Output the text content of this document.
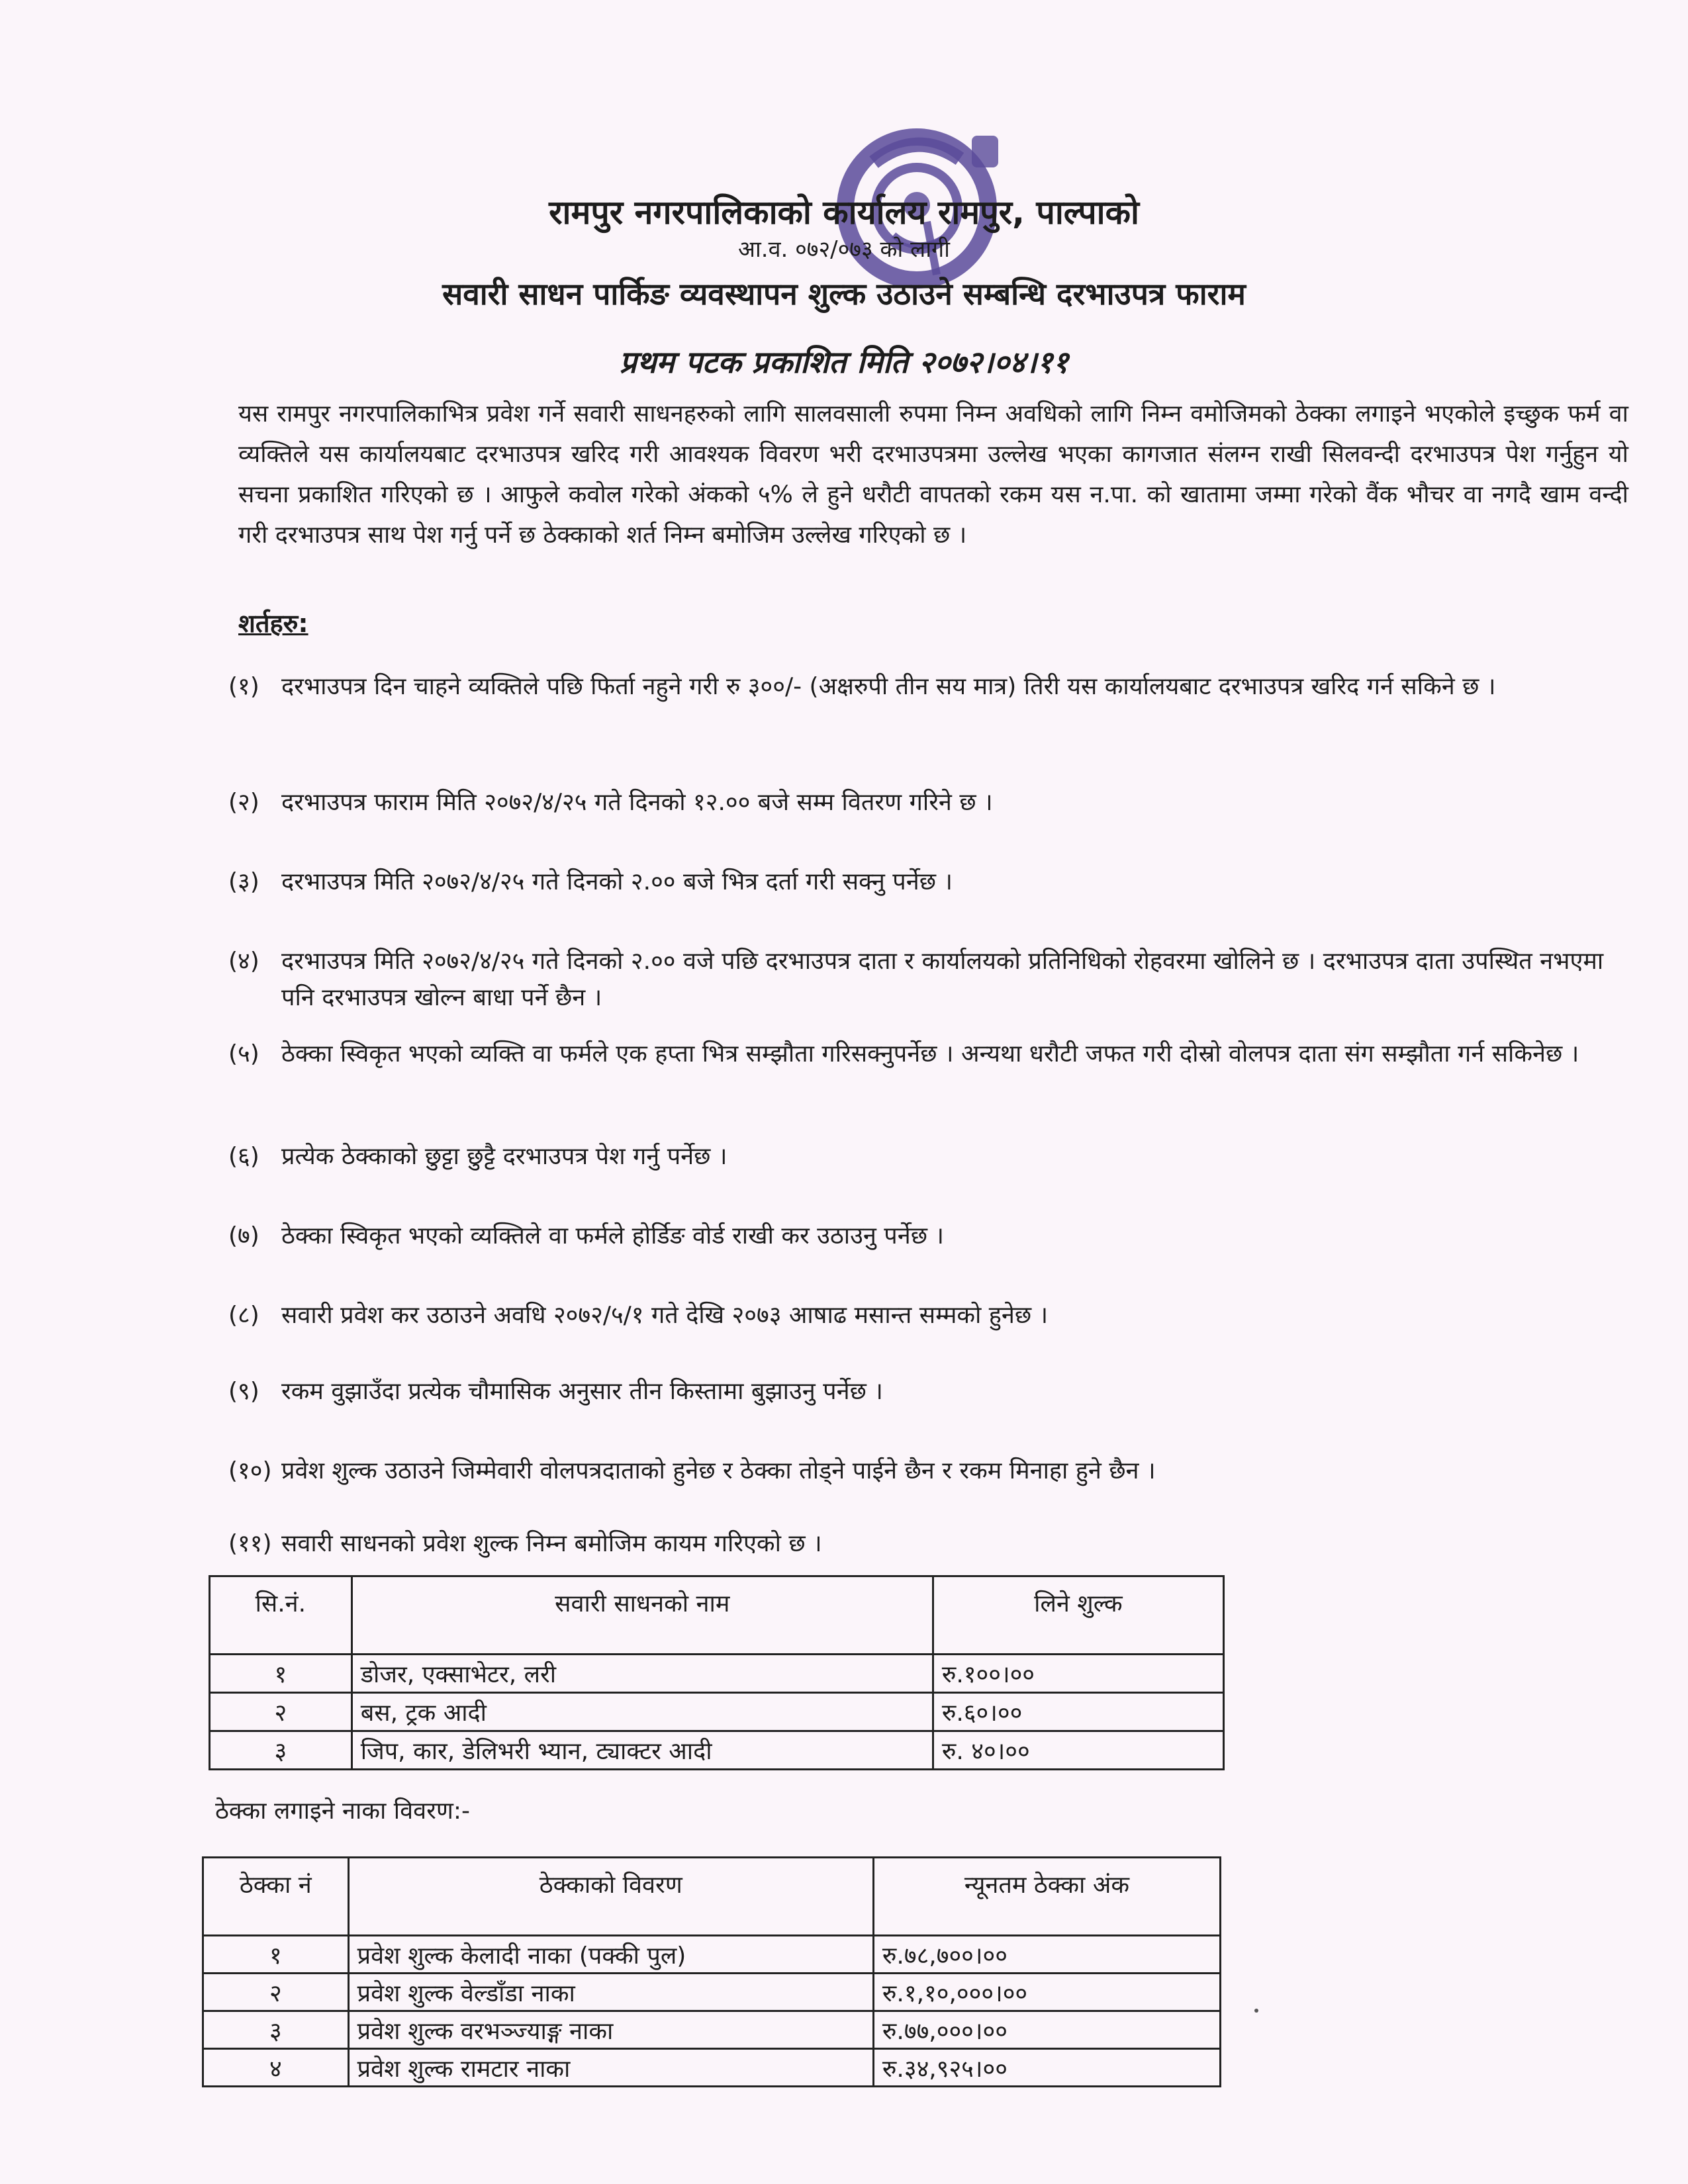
रामपुर नगरपालिकाको कार्यालय रामपुर, पाल्पाको
आ.व. ०७२/०७३ को लागी
सवारी साधन पार्किङ व्यवस्थापन शुल्क उठाउने सम्बन्धि दरभाउपत्र फाराम
प्रथम पटक प्रकाशित मिति २०७२।०४।११
यस रामपुर नगरपालिकाभित्र प्रवेश गर्ने सवारी साधनहरुको लागि सालवसाली रुपमा निम्न अवधिको लागि निम्न वमोजिमको ठेक्का लगाइने भएकोले इच्छुक फर्म वा व्यक्तिले यस कार्यालयबाट दरभाउपत्र खरिद गरी आवश्यक विवरण भरी दरभाउपत्रमा उल्लेख भएका कागजात संलग्न राखी सिलवन्दी दरभाउपत्र पेश गर्नुहुन यो सचना प्रकाशित गरिएको छ । आफुले कवोल गरेको अंकको ५% ले हुने धरौटी वापतको रकम यस न.पा. को खातामा जम्मा गरेको वैंक भौचर वा नगदै खाम वन्दी गरी दरभाउपत्र साथ पेश गर्नु पर्ने छ ठेक्काको शर्त निम्न बमोजिम उल्लेख गरिएको छ ।
शर्तहरु:
(१) दरभाउपत्र दिन चाहने व्यक्तिले पछि फिर्ता नहुने गरी रु ३००/- (अक्षरुपी तीन सय मात्र) तिरी यस कार्यालयबाट दरभाउपत्र खरिद गर्न सकिने छ ।
(२) दरभाउपत्र फाराम मिति २०७२/४/२५ गते दिनको १२.०० बजे सम्म वितरण गरिने छ ।
(३) दरभाउपत्र मिति २०७२/४/२५ गते दिनको २.०० बजे भित्र दर्ता गरी सक्नु पर्नेछ ।
(४) दरभाउपत्र मिति २०७२/४/२५ गते दिनको २.०० वजे पछि दरभाउपत्र दाता र कार्यालयको प्रतिनिधिको रोहवरमा खोलिने छ । दरभाउपत्र दाता उपस्थित नभएमा पनि दरभाउपत्र खोल्न बाधा पर्ने छैन ।
(५) ठेक्का स्विकृत भएको व्यक्ति वा फर्मले एक हप्ता भित्र सम्झौता गरिसक्नुपर्नेछ । अन्यथा धरौटी जफत गरी दोस्रो वोलपत्र दाता संग सम्झौता गर्न सकिनेछ ।
(६) प्रत्येक ठेक्काको छुट्टा छुट्टै दरभाउपत्र पेश गर्नु पर्नेछ ।
(७) ठेक्का स्विकृत भएको व्यक्तिले वा फर्मले होर्डिङ वोर्ड राखी कर उठाउनु पर्नेछ ।
(८) सवारी प्रवेश कर उठाउने अवधि २०७२/५/१ गते देखि २०७३ आषाढ मसान्त सम्मको हुनेछ ।
(९) रकम वुझाउँदा प्रत्येक चौमासिक अनुसार तीन किस्तामा बुझाउनु पर्नेछ ।
(१०) प्रवेश शुल्क उठाउने जिम्मेवारी वोलपत्रदाताको हुनेछ र ठेक्का तोड्ने पाईने छैन र रकम मिनाहा हुने छैन ।
(११) सवारी साधनको प्रवेश शुल्क निम्न बमोजिम कायम गरिएको छ ।
सि.नं.	सवारी साधनको नाम	लिने शुल्क
१	डोजर, एक्साभेटर, लरी	रु.१००।००
२	बस, ट्रक आदी	रु.६०।००
३	जिप, कार, डेलिभरी भ्यान, ट्याक्टर आदी	रु. ४०।००
ठेक्का लगाइने नाका विवरण:-
ठेक्का नं	ठेक्काको विवरण	न्यूनतम ठेक्का अंक
१	प्रवेश शुल्क केलादी नाका (पक्की पुल)	रु.७८,७००।००
२	प्रवेश शुल्क वेल्डाँडा नाका	रु.१,१०,०००।००
३	प्रवेश शुल्क वरभञ्ज्याङ्ग नाका	रु.७७,०००।००
४	प्रवेश शुल्क रामटार नाका	रु.३४,९२५।००
